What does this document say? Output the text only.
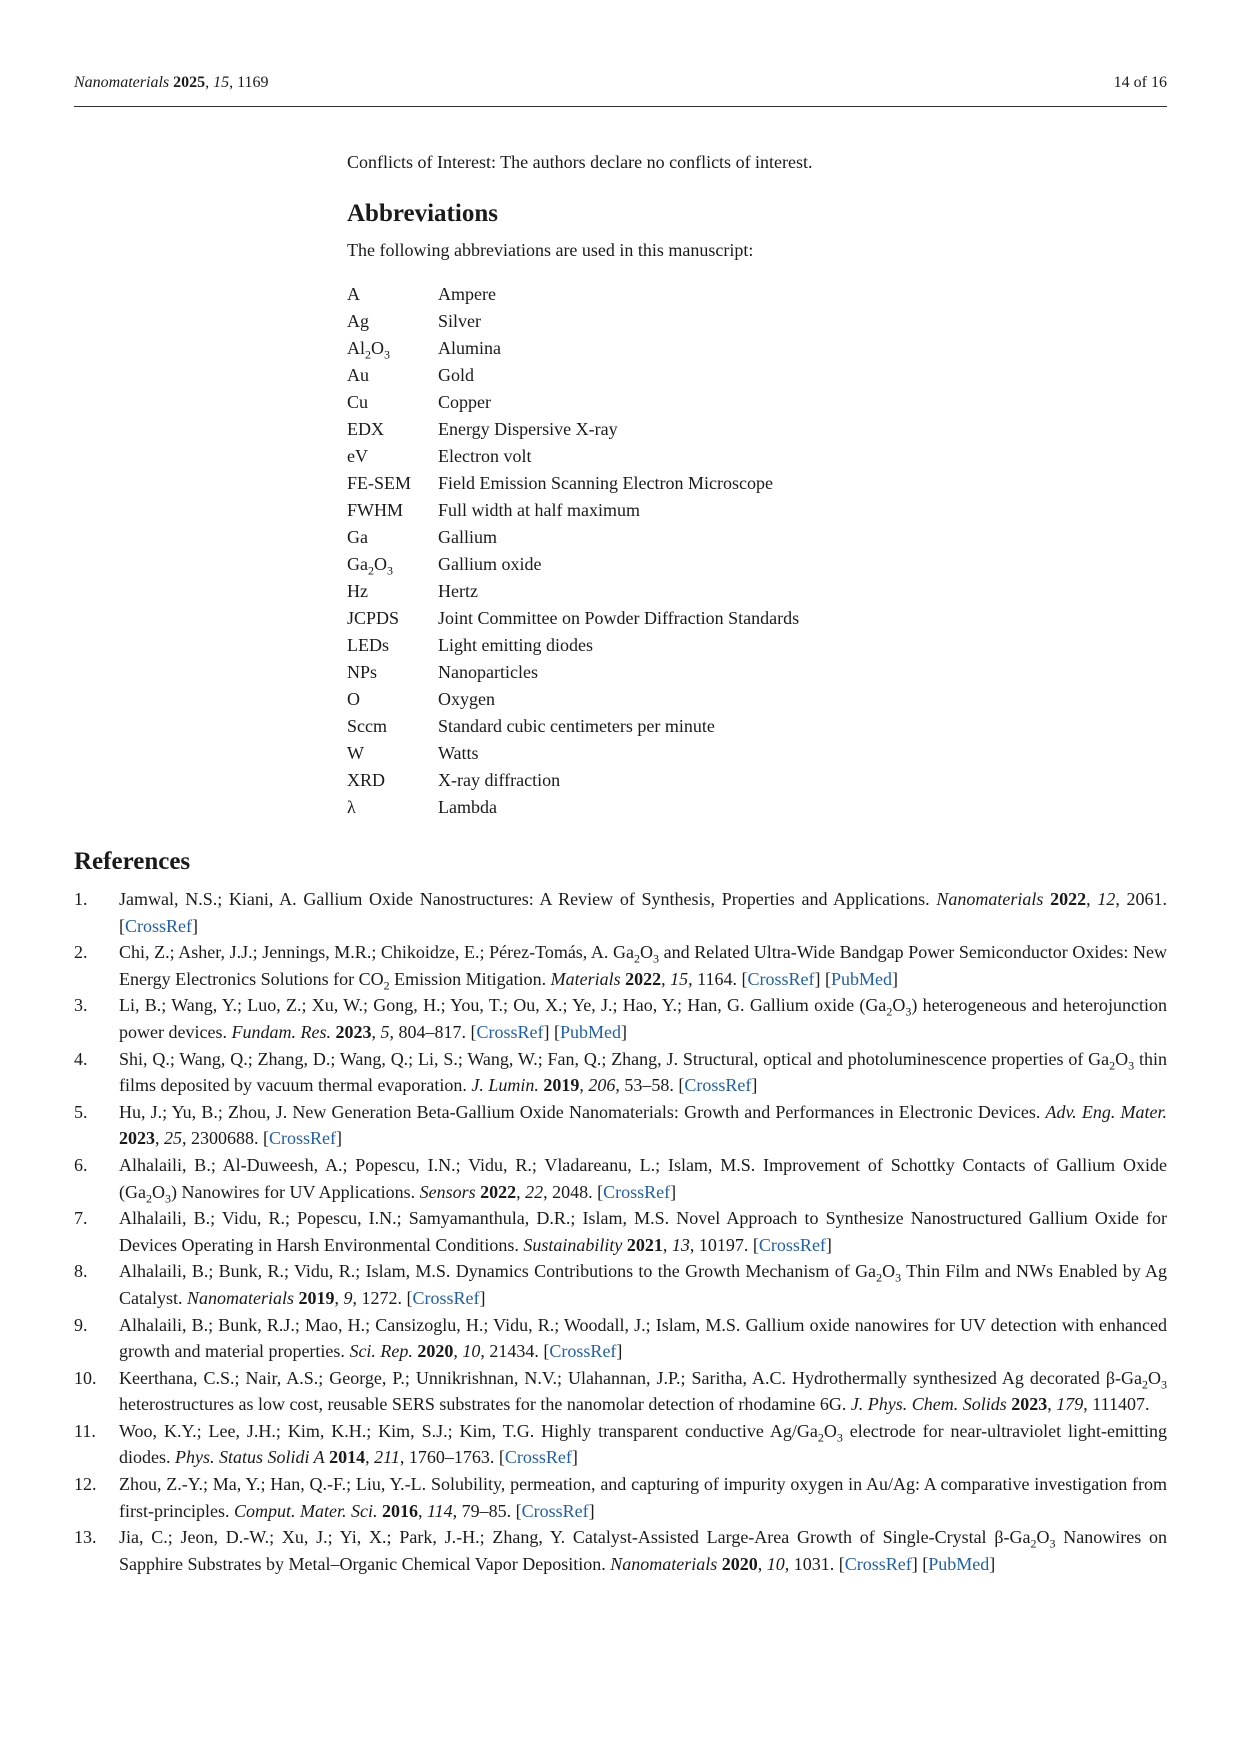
Nanomaterials 2025, 15, 1169	14 of 16
Conflicts of Interest: The authors declare no conflicts of interest.
Abbreviations
The following abbreviations are used in this manuscript:
A	Ampere
Ag	Silver
$Al_2O_3$	Alumina
Au	Gold
Cu	Copper
EDX	Energy Dispersive X-ray
eV	Electron volt
FE-SEM Field Emission Scanning Electron Microscope
FWHM Full width at half maximum
Ga	Gallium
$Ga_2O_3$	Gallium oxide
Hz	Hertz
JCPDS Joint Committee on Powder Diffraction Standards
LEDs	Light emitting diodes
NPs	Nanoparticles
O	Oxygen
Sccm	Standard cubic centimeters per minute
W	Watts
XRD	X-ray diffraction
λ	Lambda
References
1. Jamwal, N.S.; Kiani, A. Gallium Oxide Nanostructures: A Review of Synthesis, Properties and Applications. Nanomaterials 2022, 12, 2061. [CrossRef]
2. Chi, Z.; Asher, J.J.; Jennings, M.R.; Chikoidze, E.; Pérez-Tomás, A. $Ga_2O_3$ and Related Ultra-Wide Bandgap Power Semiconductor Oxides: New Energy Electronics Solutions for $CO_2$ Emission Mitigation. Materials 2022, 15, 1164. [CrossRef] [PubMed]
3. Li, B.; Wang, Y.; Luo, Z.; Xu, W.; Gong, H.; You, T.; Ou, X.; Ye, J.; Hao, Y.; Han, G. Gallium oxide $(Ga_2O_3)$ heterogeneous and heterojunction power devices. Fundam. Res. 2023, 5, 804–817. [CrossRef] [PubMed]
4. Shi, Q.; Wang, Q.; Zhang, D.; Wang, Q.; Li, S.; Wang, W.; Fan, Q.; Zhang, J. Structural, optical and photoluminescence properties of $Ga_2O_3$ thin films deposited by vacuum thermal evaporation. J. Lumin. 2019, 206, 53–58. [CrossRef]
5. Hu, J.; Yu, B.; Zhou, J. New Generation Beta-Gallium Oxide Nanomaterials: Growth and Performances in Electronic Devices. Adv. Eng. Mater. 2023, 25, 2300688. [CrossRef]
6. Alhalaili, B.; Al-Duweesh, A.; Popescu, I.N.; Vidu, R.; Vladareanu, L.; Islam, M.S. Improvement of Schottky Contacts of Gallium Oxide $(Ga_2O_3)$ Nanowires for UV Applications. Sensors 2022, 22, 2048. [CrossRef]
7. Alhalaili, B.; Vidu, R.; Popescu, I.N.; Samyamanthula, D.R.; Islam, M.S. Novel Approach to Synthesize Nanostructured Gallium Oxide for Devices Operating in Harsh Environmental Conditions. Sustainability 2021, 13, 10197. [CrossRef]
8. Alhalaili, B.; Bunk, R.; Vidu, R.; Islam, M.S. Dynamics Contributions to the Growth Mechanism of $Ga_2O_3$ Thin Film and NWs Enabled by Ag Catalyst. Nanomaterials 2019, 9, 1272. [CrossRef]
9. Alhalaili, B.; Bunk, R.J.; Mao, H.; Cansizoglu, H.; Vidu, R.; Woodall, J.; Islam, M.S. Gallium oxide nanowires for UV detection with enhanced growth and material properties. Sci. Rep. 2020, 10, 21434. [CrossRef]
10. Keerthana, C.S.; Nair, A.S.; George, P.; Unnikrishnan, N.V.; Ulahannan, J.P.; Saritha, A.C. Hydrothermally synthesized Ag decorated $\beta-Ga_2O_3$ heterostructures as low cost, reusable SERS substrates for the nanomolar detection of rhodamine 6G. J. Phys. Chem. Solids 2023, 179, 111407.
11. Woo, K.Y.; Lee, J.H.; Kim, K.H.; Kim, S.J.; Kim, T.G. Highly transparent conductive $Ag/Ga_2O_3$ electrode for near-ultraviolet light-emitting diodes. Phys. Status Solidi A 2014, 211, 1760–1763. [CrossRef]
12. Zhou, Z.-Y.; Ma, Y.; Han, Q.-F.; Liu, Y.-L. Solubility, permeation, and capturing of impurity oxygen in Au/Ag: A comparative investigation from first-principles. Comput. Mater. Sci. 2016, 114, 79–85. [CrossRef]
13. Jia, C.; Jeon, D.-W.; Xu, J.; Yi, X.; Park, J.-H.; Zhang, Y. Catalyst-Assisted Large-Area Growth of Single-Crystal $\beta-Ga_2O_3$ Nanowires on Sapphire Substrates by Metal–Organic Chemical Vapor Deposition. Nanomaterials 2020, 10, 1031. [CrossRef] [PubMed]
